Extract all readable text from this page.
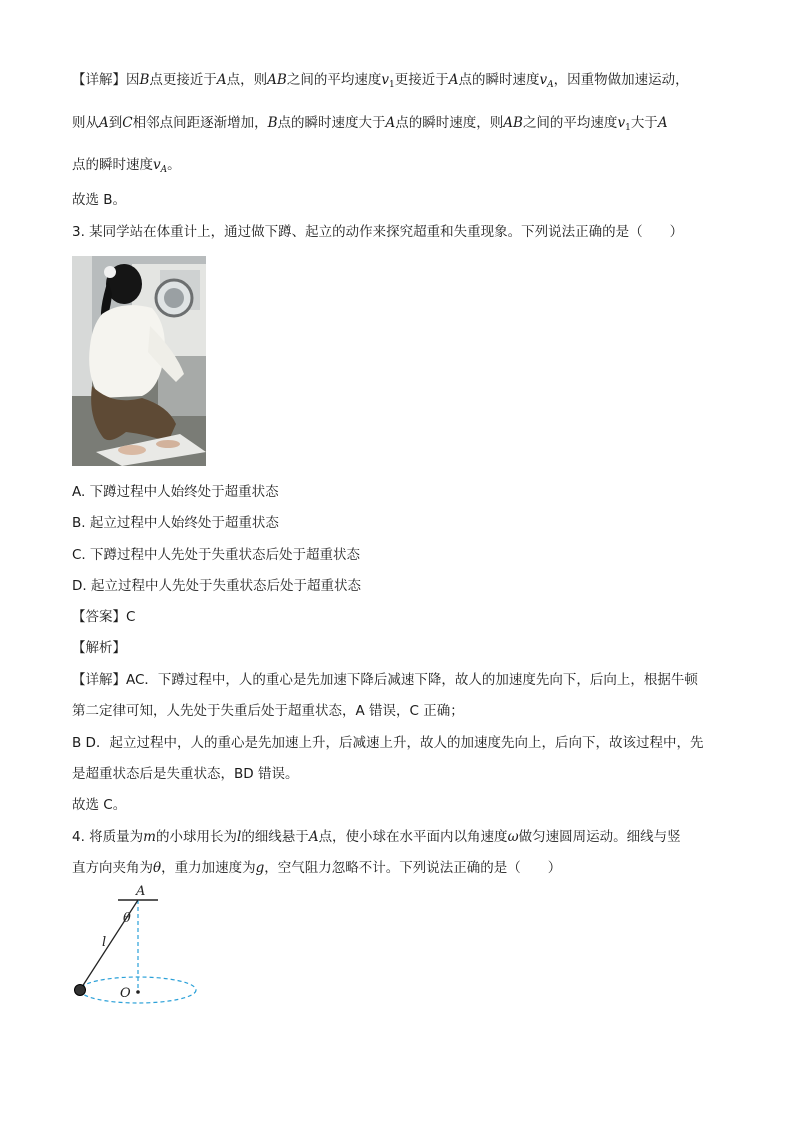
【详解】因B点更接近于A点，则AB之间的平均速度$v_1$更接近于A点的瞬时速度$v_A$，因重物做加速运动，
则从A到C相邻点间距逐渐增加，B点的瞬时速度大于A点的瞬时速度，则AB之间的平均速度$v_1$大于A
点的瞬时速度$v_A$。
故选 B。
3. 某同学站在体重计上，通过做下蹲、起立的动作来探究超重和失重现象。下列说法正确的是（　　）
A. 下蹲过程中人始终处于超重状态
B. 起立过程中人始终处于超重状态
C. 下蹲过程中人先处于失重状态后处于超重状态
D. 起立过程中人先处于失重状态后处于超重状态
【答案】C
【解析】
【详解】AC．下蹲过程中，人的重心是先加速下降后减速下降，故人的加速度先向下，后向上，根据牛顿
第二定律可知，人先处于失重后处于超重状态，A 错误，C 正确；
B D．起立过程中，人的重心是先加速上升，后减速上升，故人的加速度先向上，后向下，故该过程中，先
是超重状态后是失重状态，BD 错误。
故选 C。
4. 将质量为m的小球用长为l的细线悬于A点，使小球在水平面内以角速度ω做匀速圆周运动。细线与竖
直方向夹角为θ，重力加速度为g，空气阻力忽略不计。下列说法正确的是（　　）
A
θ
l
O
